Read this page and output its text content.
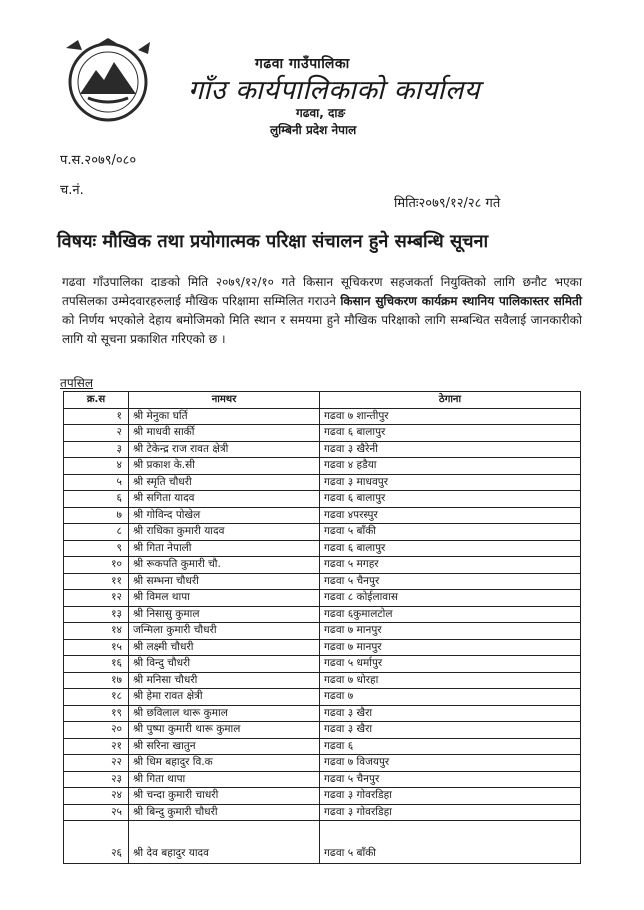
गढवा गाउँपालिका
गाँउ कार्यपालिकाको कार्यालय
गढवा, दाङ
लुम्बिनी प्रदेश नेपाल
प.स.२०७९/०८०
च.नं.
मितिः२०७९/१२/२८ गते
विषयः मौखिक तथा प्रयोगात्मक परिक्षा संचालन हुने सम्बन्धि सूचना
गढवा गाँउपालिका दाङको मिति २०७९/१२/१० गते किसान सूचिकरण सहजकर्ता नियुक्तिको लागि छनौट भएका तपसिलका उम्मेदवारहरुलाई मौखिक परिक्षामा सम्मिलित गराउने किसान सुचिकरण कार्यक्रम स्थानिय पालिकास्तर समिती को निर्णय भएकोले देहाय बमोजिमको मिति स्थान र समयमा हुने मौखिक परिक्षाको लागि सम्बन्धित सवैलाई जानकारीको लागि यो सूचना प्रकाशित गरिएको छ ।
तपसिल
क्र.स	नामथर	ठेगाना
१	श्री मेनुका घर्ति	गढवा ७ शान्तीपुर
२	श्री माधवी सार्की	गढवा ६ बालापुर
३	श्री टेकेन्द्र राज रावत क्षेत्री	गढवा ३ खैरेनी
४	श्री प्रकाश के.सी	गढवा ४ हडैया
५	श्री स्मृति चौधरी	गढवा ३ माधवपुर
६	श्री सगिता यादव	गढवा ६ बालापुर
७	श्री गोविन्द पोखेल	गढवा ४परस्पुर
८	श्री राधिका कुमारी यादव	गढवा ५ बाँकी
९	श्री गिता नेपाली	गढवा ६ बालापुर
१०	श्री रूकपति कुमारी चौ.	गढवा ५ मगहर
११	श्री सम्भना चौधरी	गढवा ५ चैनपुर
१२	श्री विमल थापा	गढवा ८ कोईलावास
१३	श्री निसासु कुमाल	गढवा ६कुमालटोल
१४	जन्मिला कुमारी चौधरी	गढवा ७ मानपुर
१५	श्री लक्ष्मी चौधरी	गढवा ७ मानपुर
१६	श्री विन्दु चौधरी	गढवा ५ धर्मापुर
१७	श्री मनिसा चौधरी	गढवा ७ धोरहा
१८	श्री हेमा रावत क्षेत्री	गढवा ७
१९	श्री छविलाल थारू कुमाल	गढवा ३ खैरा
२०	श्री पुष्पा कुमारी थारू कुमाल	गढवा ३ खैरा
२१	श्री सरिना खातुन	गढवा ६
२२	श्री धिम बहादुर वि.क	गढवा ७ विजयपुर
२३	श्री गिता थापा	गढवा ५ चैनपुर
२४	श्री चन्दा कुमारी चाधरी	गढवा ३ गोवरडिहा
२५	श्री बिन्दु कुमारी चौधरी	गढवा ३ गोवरडिहा
२६	श्री देव बहादुर यादव	गढवा ५ बाँकी
